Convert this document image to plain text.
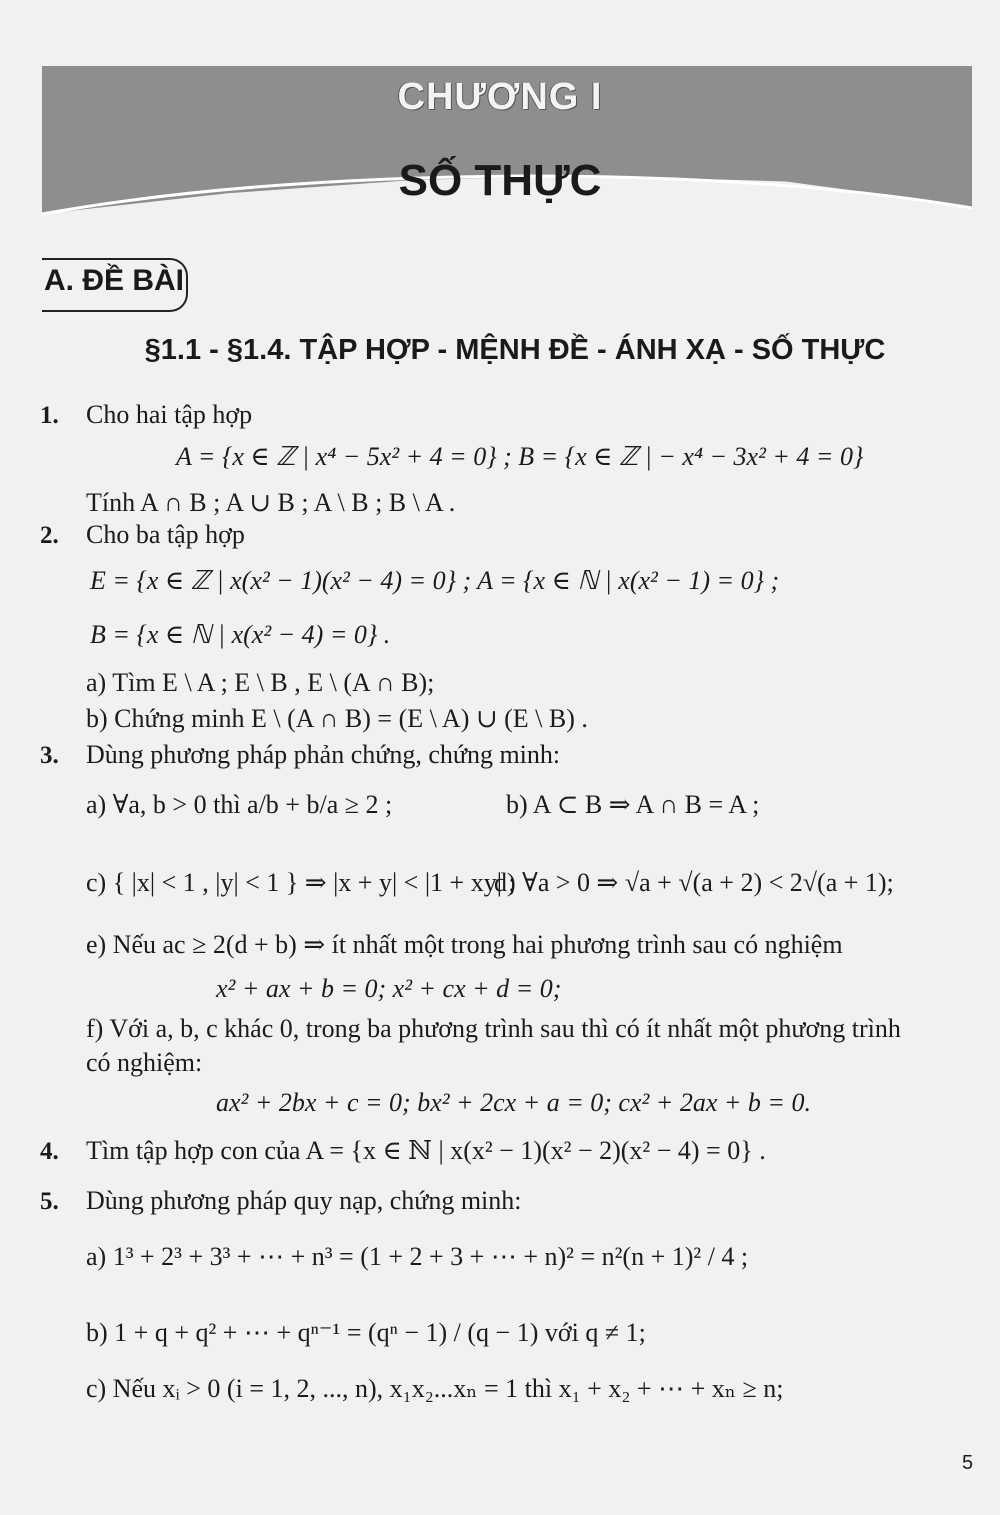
CHƯƠNG I
SỐ THỰC
A. ĐỀ BÀI
§1.1 - §1.4. TẬP HỢP - MỆNH ĐỀ - ÁNH XẠ - SỐ THỰC
1. Cho hai tập hợp
A = {x ∈ ℤ | x⁴ − 5x² + 4 = 0} ; B = {x ∈ ℤ | − x⁴ − 3x² + 4 = 0}
Tính A ∩ B ; A ∪ B ; A \ B ; B \ A .
2. Cho ba tập hợp
E = {x ∈ ℤ | x(x² − 1)(x² − 4) = 0} ; A = {x ∈ ℕ | x(x² − 1) = 0} ;
B = {x ∈ ℕ | x(x² − 4) = 0} .
a) Tìm E \ A ; E \ B , E \ (A ∩ B);
b) Chứng minh E \ (A ∩ B) = (E \ A) ∪ (E \ B) .
3. Dùng phương pháp phản chứng, chứng minh:
a) ∀a, b > 0 thì a/b + b/a ≥ 2 ;	b) A ⊂ B ⇒ A ∩ B = A ;
c) { |x| < 1 , |y| < 1 } ⇒ |x + y| < |1 + xy| ;
d) ∀a > 0 ⇒ √a + √(a + 2) < 2√(a + 1);
e) Nếu ac ≥ 2(d + b) ⇒ ít nhất một trong hai phương trình sau có nghiệm
x² + ax + b = 0; x² + cx + d = 0;
f) Với a, b, c khác 0, trong ba phương trình sau thì có ít nhất một phương trình
có nghiệm:
ax² + 2bx + c = 0; bx² + 2cx + a = 0; cx² + 2ax + b = 0.
4. Tìm tập hợp con của A = {x ∈ ℕ | x(x² − 1)(x² − 2)(x² − 4) = 0} .
5. Dùng phương pháp quy nạp, chứng minh:
a) 1³ + 2³ + 3³ + ⋯ + n³ = (1 + 2 + 3 + ⋯ + n)² = n²(n + 1)² / 4 ;
b) 1 + q + q² + ⋯ + qⁿ⁻¹ = (qⁿ − 1) / (q − 1) với q ≠ 1;
c) Nếu xᵢ > 0 (i = 1, 2, ..., n), x₁x₂...xₙ = 1 thì x₁ + x₂ + ⋯ + xₙ ≥ n;
5
